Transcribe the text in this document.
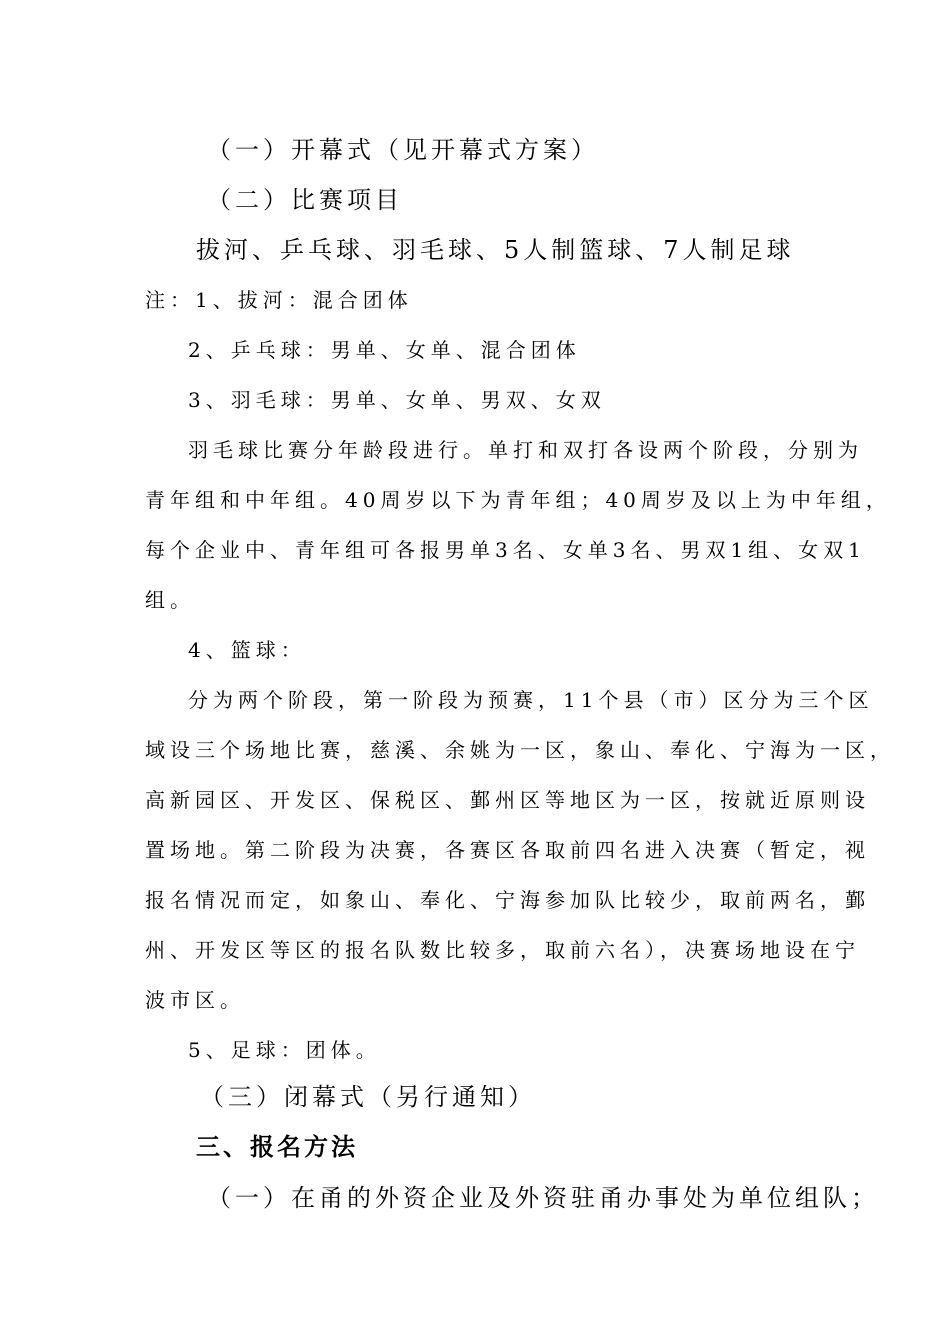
（一）开幕式（见开幕式方案）
（二）比赛项目
拔河、乒乓球、羽毛球、5人制篮球、7人制足球
注：1、拔河：混合团体
2、乒乓球：男单、女单、混合团体
3、羽毛球：男单、女单、男双、女双
羽毛球比赛分年龄段进行。单打和双打各设两个阶段，分别为
青年组和中年组。40周岁以下为青年组；40周岁及以上为中年组，
每个企业中、青年组可各报男单3名、女单3名、男双1组、女双1
组。
4、篮球：
分为两个阶段，第一阶段为预赛，11个县（市）区分为三个区
域设三个场地比赛，慈溪、余姚为一区，象山、奉化、宁海为一区，
高新园区、开发区、保税区、鄞州区等地区为一区，按就近原则设
置场地。第二阶段为决赛，各赛区各取前四名进入决赛（暂定，视
报名情况而定，如象山、奉化、宁海参加队比较少，取前两名，鄞
州、开发区等区的报名队数比较多，取前六名），决赛场地设在宁
波市区。
5、足球：团体。
（三）闭幕式（另行通知）
三、报名方法
（一）在甬的外资企业及外资驻甬办事处为单位组队；
